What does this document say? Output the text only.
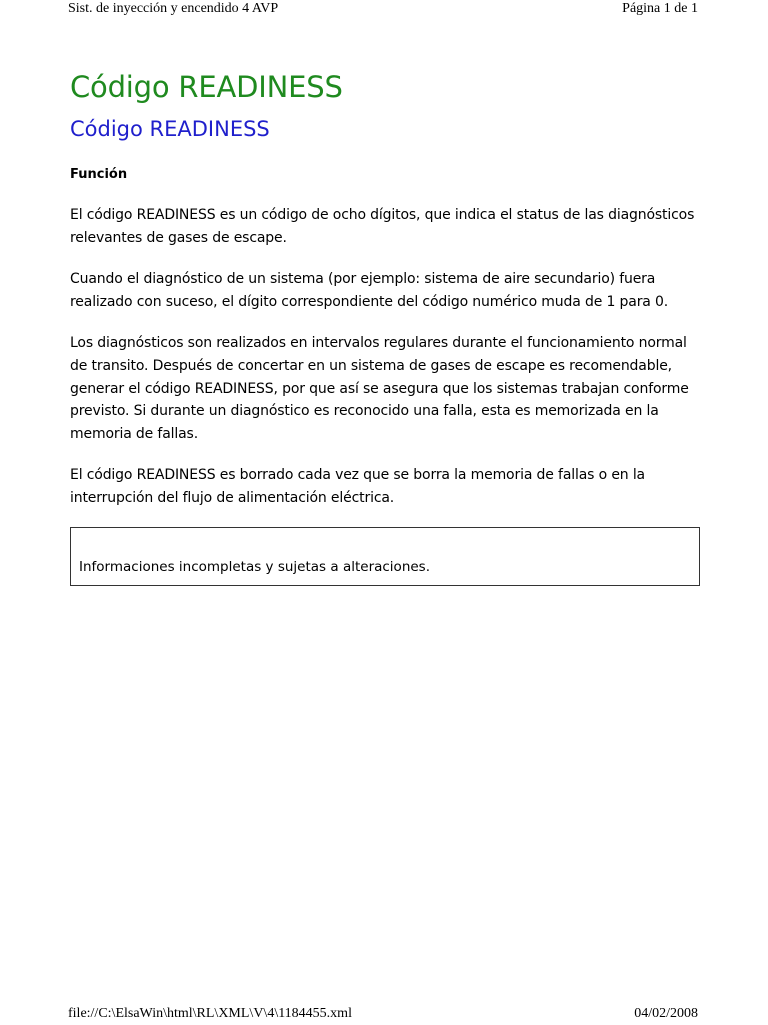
Sist. de inyección y encendido 4 AVP	Página 1 de 1
Código READINESS
Código READINESS
Función

El código READINESS es un código de ocho dígitos, que indica el status de las diagnósticos relevantes de gases de escape.

Cuando el diagnóstico de un sistema (por ejemplo: sistema de aire secundario) fuera realizado con suceso, el dígito correspondiente del código numérico muda de 1 para 0.

Los diagnósticos son realizados en intervalos regulares durante el funcionamiento normal de transito. Después de concertar en un sistema de gases de escape es recomendable, generar el código READINESS, por que así se asegura que los sistemas trabajan conforme previsto. Si durante un diagnóstico es reconocido una falla, esta es memorizada en la memoria de fallas.

El código READINESS es borrado cada vez que se borra la memoria de fallas o en la interrupción del flujo de alimentación eléctrica.

Informaciones incompletas y sujetas a alteraciones.
file://C:\ElsaWin\html\RL\XML\V\4\1184455.xml	04/02/2008
